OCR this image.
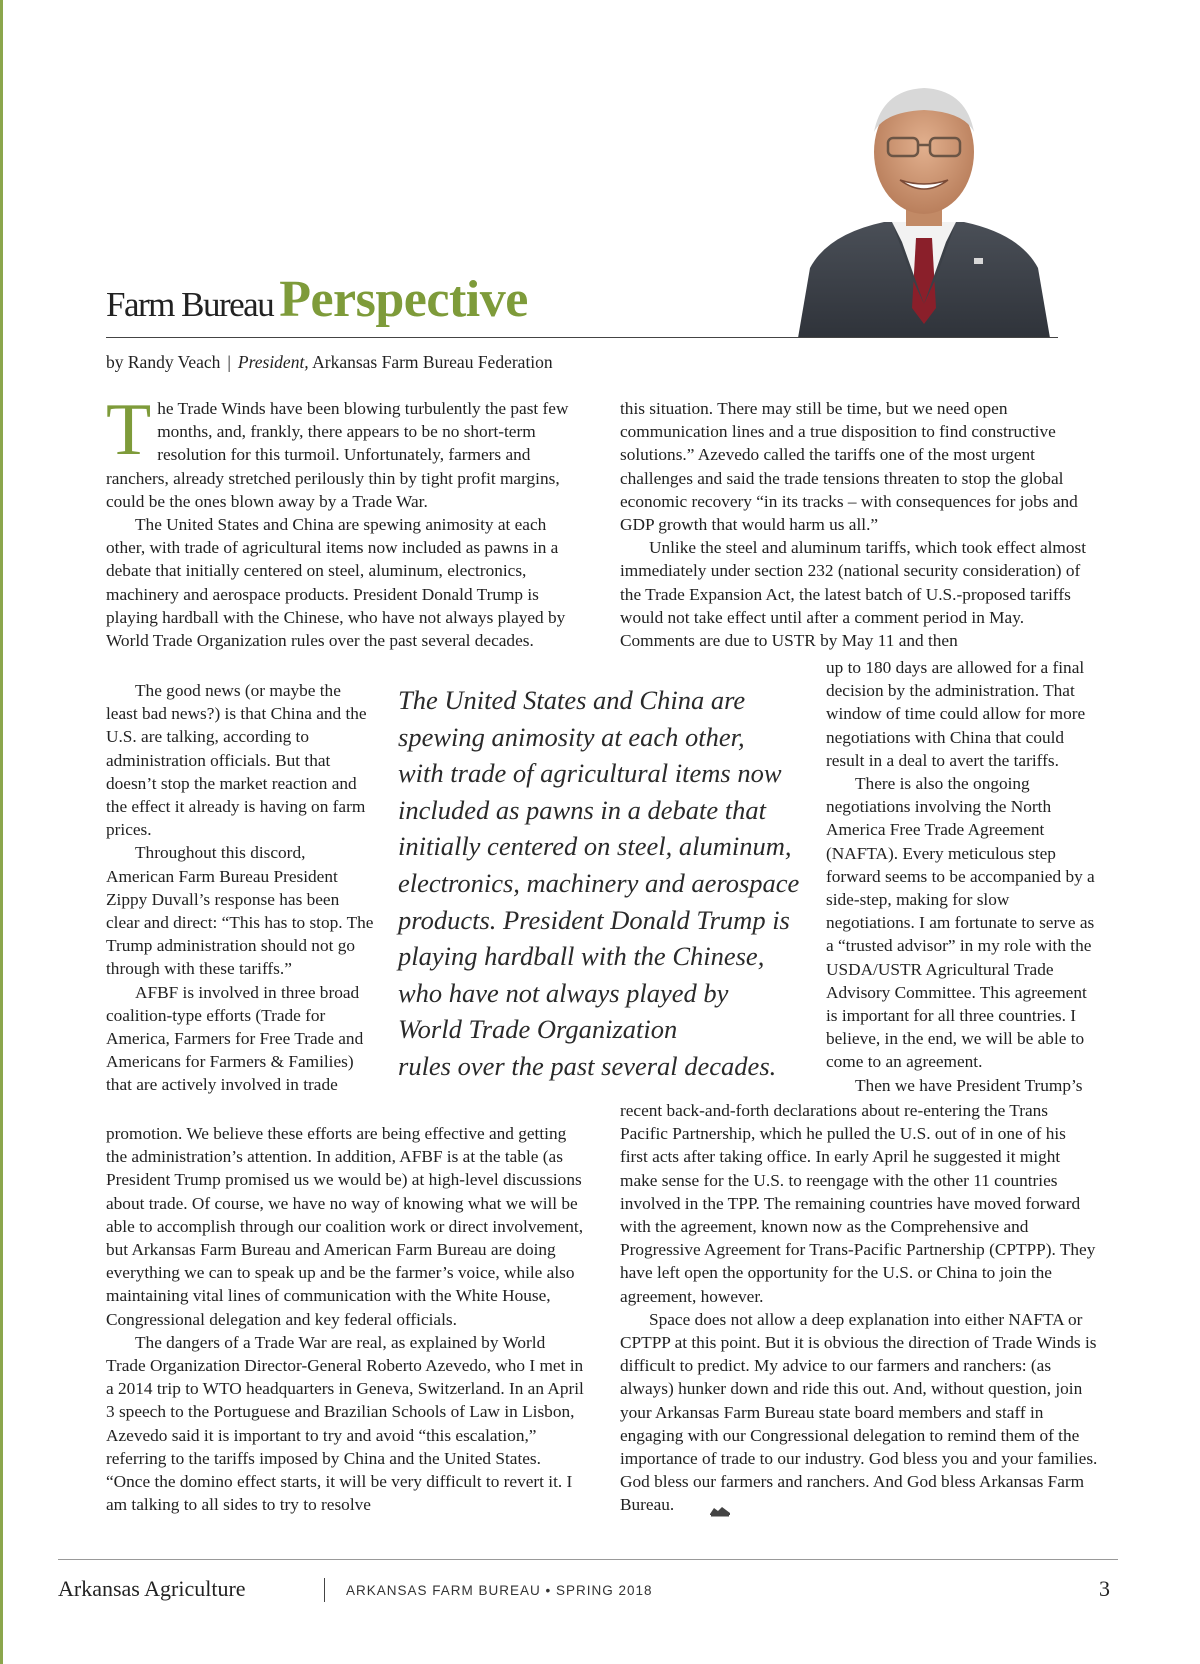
Farm Bureau Perspective
by Randy Veach | President, Arkansas Farm Bureau Federation

The Trade Winds have been blowing turbulently the past few months, and, frankly, there appears to be no short-term resolution for this turmoil. Unfortunately, farmers and ranchers, already stretched perilously thin by tight profit margins, could be the ones blown away by a Trade War.

The United States and China are spewing animosity at each other, with trade of agricultural items now included as pawns in a debate that initially centered on steel, aluminum, electronics, machinery and aerospace products. President Donald Trump is playing hardball with the Chinese, who have not always played by World Trade Organization rules over the past several decades.

The good news (or maybe the least bad news?) is that China and the U.S. are talking, according to administration officials. But that doesn’t stop the market reaction and the effect it already is having on farm prices.

Throughout this discord, American Farm Bureau President Zippy Duvall’s response has been clear and direct: “This has to stop. The Trump administration should not go through with these tariffs.”

AFBF is involved in three broad coalition-type efforts (Trade for America, Farmers for Free Trade and Americans for Farmers & Families) that are actively involved in trade

promotion. We believe these efforts are being effective and getting the administration’s attention. In addition, AFBF is at the table (as President Trump promised us we would be) at high-level discussions about trade. Of course, we have no way of knowing what we will be able to accomplish through our coalition work or direct involvement, but Arkansas Farm Bureau and American Farm Bureau are doing everything we can to speak up and be the farmer’s voice, while also maintaining vital lines of communication with the White House, Congressional delegation and key federal officials.

The dangers of a Trade War are real, as explained by World Trade Organization Director-General Roberto Azevedo, who I met in a 2014 trip to WTO headquarters in Geneva, Switzerland. In an April 3 speech to the Portuguese and Brazilian Schools of Law in Lisbon, Azevedo said it is important to try and avoid “this escalation,” referring to the tariffs imposed by China and the United States. “Once the domino effect starts, it will be very difficult to revert it. I am talking to all sides to try to resolve

The United States and China are
spewing animosity at each other,
with trade of agricultural items now
included as pawns in a debate that
initially centered on steel, aluminum,
electronics, machinery and aerospace
products. President Donald Trump is
playing hardball with the Chinese,
who have not always played by
World Trade Organization
rules over the past several decades.

this situation. There may still be time, but we need open communication lines and a true disposition to find constructive solutions.” Azevedo called the tariffs one of the most urgent challenges and said the trade tensions threaten to stop the global economic recovery “in its tracks – with consequences for jobs and GDP growth that would harm us all.”

Unlike the steel and aluminum tariffs, which took effect almost immediately under section 232 (national security consideration) of the Trade Expansion Act, the latest batch of U.S.-proposed tariffs would not take effect until after a comment period in May. Comments are due to USTR by May 11 and then

up to 180 days are allowed for a final decision by the administration. That window of time could allow for more negotiations with China that could result in a deal to avert the tariffs.

There is also the ongoing negotiations involving the North America Free Trade Agreement (NAFTA). Every meticulous step forward seems to be accompanied by a side-step, making for slow negotiations. I am fortunate to serve as a “trusted advisor” in my role with the USDA/USTR Agricultural Trade Advisory Committee. This agreement is important for all three countries. I believe, in the end, we will be able to come to an agreement.

Then we have President Trump’s

recent back-and-forth declarations about re-entering the Trans Pacific Partnership, which he pulled the U.S. out of in one of his first acts after taking office. In early April he suggested it might make sense for the U.S. to reengage with the other 11 countries involved in the TPP. The remaining countries have moved forward with the agreement, known now as the Comprehensive and Progressive Agreement for Trans-Pacific Partnership (CPTPP). They have left open the opportunity for the U.S. or China to join the agreement, however.

Space does not allow a deep explanation into either NAFTA or CPTPP at this point. But it is obvious the direction of Trade Winds is difficult to predict. My advice to our farmers and ranchers: (as always) hunker down and ride this out. And, without question, join your Arkansas Farm Bureau state board members and staff in engaging with our Congressional delegation to remind them of the importance of trade to our industry. God bless you and your families. God bless our farmers and ranchers. And God bless Arkansas Farm Bureau.

Arkansas Agriculture	ARKANSAS FARM BUREAU • SPRING 2018	3
